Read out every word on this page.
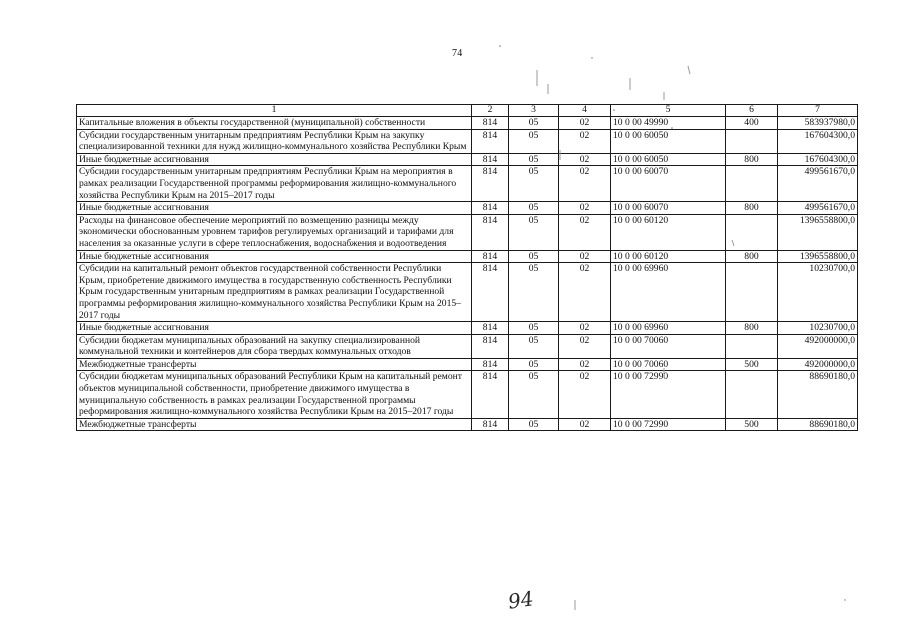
74
1	2	3	4	5	6	7
Капитальные вложения в объекты государственной (муниципальной) собственности	814	05	02	10 0 00 49990	400	583937980,0
Субсидии государственным унитарным предприятиям Республики Крым на закупку специализированной техники для нужд жилищно-коммунального хозяйства Республики Крым	814	05	02	10 0 00 60050		167604300,0
Иные бюджетные ассигнования	814	05	02	10 0 00 60050	800	167604300,0
Субсидии государственным унитарным предприятиям Республики Крым на мероприятия в рамках реализации Государственной программы реформирования жилищно-коммунального хозяйства Республики Крым на 2015–2017 годы	814	05	02	10 0 00 60070		499561670,0
Иные бюджетные ассигнования	814	05	02	10 0 00 60070	800	499561670,0
Расходы на финансовое обеспечение мероприятий по возмещению разницы между экономически обоснованным уровнем тарифов регулируемых организаций и тарифами для населения за оказанные услуги в сфере теплоснабжения, водоснабжения и водоотведения	814	05	02	10 0 00 60120		1396558800,0
Иные бюджетные ассигнования	814	05	02	10 0 00 60120	800	1396558800,0
Субсидии на капитальный ремонт объектов государственной собственности Республики Крым, приобретение движимого имущества в государственную собственность Республики Крым государственным унитарным предприятиям в рамках реализации Государственной программы реформирования жилищно-коммунального хозяйства Республики Крым на 2015–2017 годы	814	05	02	10 0 00 69960		10230700,0
Иные бюджетные ассигнования	814	05	02	10 0 00 69960	800	10230700,0
Субсидии бюджетам муниципальных образований на закупку специализированной коммунальной техники и контейнеров для сбора твердых коммунальных отходов	814	05	02	10 0 00 70060		492000000,0
Межбюджетные трансферты	814	05	02	10 0 00 70060	500	492000000,0
Субсидии бюджетам муниципальных образований Республики Крым на капитальный ремонт объектов муниципальной собственности, приобретение движимого имущества в муниципальную собственность в рамках реализации Государственной программы реформирования жилищно-коммунального хозяйства Республики Крым на 2015–2017 годы	814	05	02	10 0 00 72990		88690180,0
Межбюджетные трансферты	814	05	02	10 0 00 72990	500	88690180,0
94
